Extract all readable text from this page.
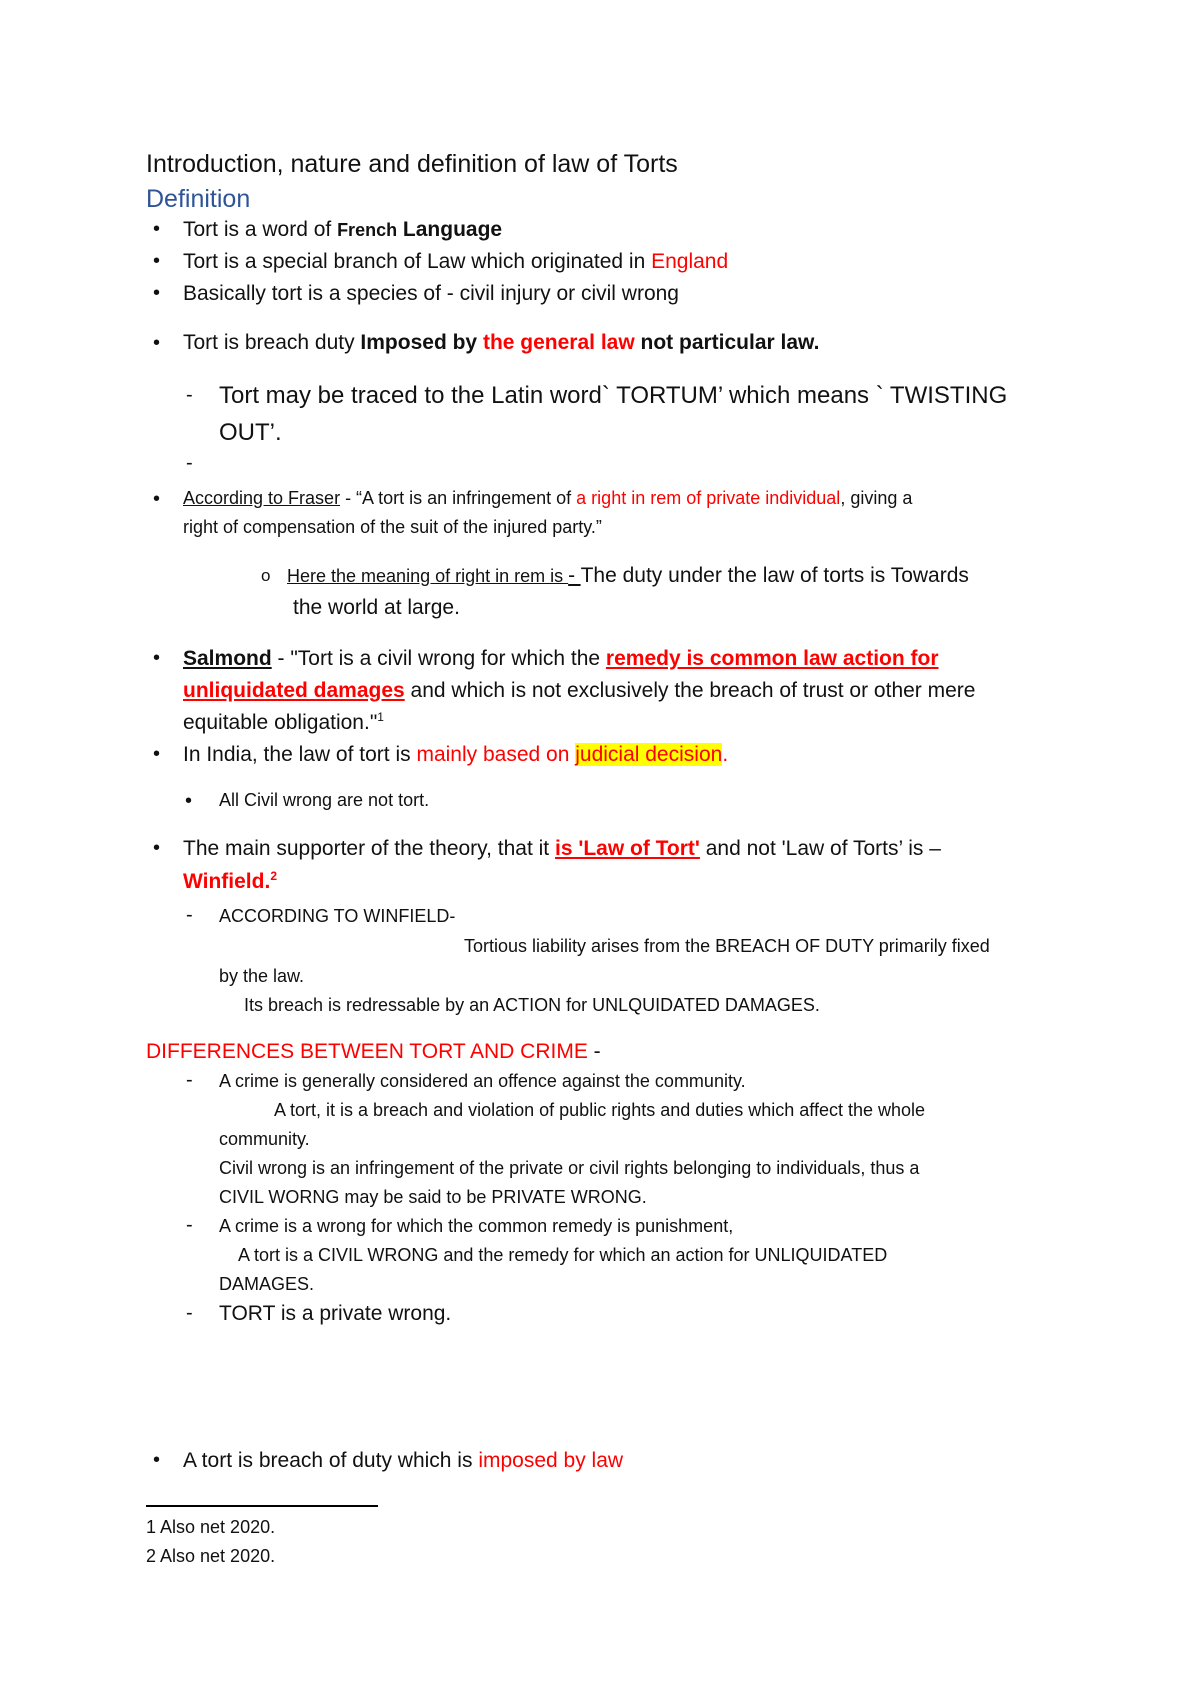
Introduction, nature and definition of law of Torts
Definition
• Tort is a word of French Language
• Tort is a special branch of Law which originated in England
• Basically tort is a species of - civil injury or civil wrong
• Tort is breach duty Imposed by the general law not particular law.
- Tort may be traced to the Latin word` TORTUM’ which means ` TWISTING
OUT’.
-
• According to Fraser - “A tort is an infringement of a right in rem of private individual, giving a
right of compensation of the suit of the injured party.”
o Here the meaning of right in rem is - The duty under the law of torts is Towards
the world at large.
• Salmond - "Tort is a civil wrong for which the remedy is common law action for
unliquidated damages and which is not exclusively the breach of trust or other mere
equitable obligation."$^1$
• In India, the law of tort is mainly based on judicial decision.
• All Civil wrong are not tort.
• The main supporter of the theory, that it is 'Law of Tort' and not 'Law of Torts’ is –
Winfield.$^2$
- ACCORDING TO WINFIELD-
Tortious liability arises from the BREACH OF DUTY primarily fixed
by the law.
Its breach is redressable by an ACTION for UNLQUIDATED DAMAGES.
DIFFERENCES BETWEEN TORT AND CRIME -
- A crime is generally considered an offence against the community.
A tort, it is a breach and violation of public rights and duties which affect the whole
community.
Civil wrong is an infringement of the private or civil rights belonging to individuals, thus a
CIVIL WORNG may be said to be PRIVATE WRONG.
- A crime is a wrong for which the common remedy is punishment,
A tort is a CIVIL WRONG and the remedy for which an action for UNLIQUIDATED
DAMAGES.
- TORT is a private wrong.
• A tort is breach of duty which is imposed by law
1 Also net 2020.
2 Also net 2020.
